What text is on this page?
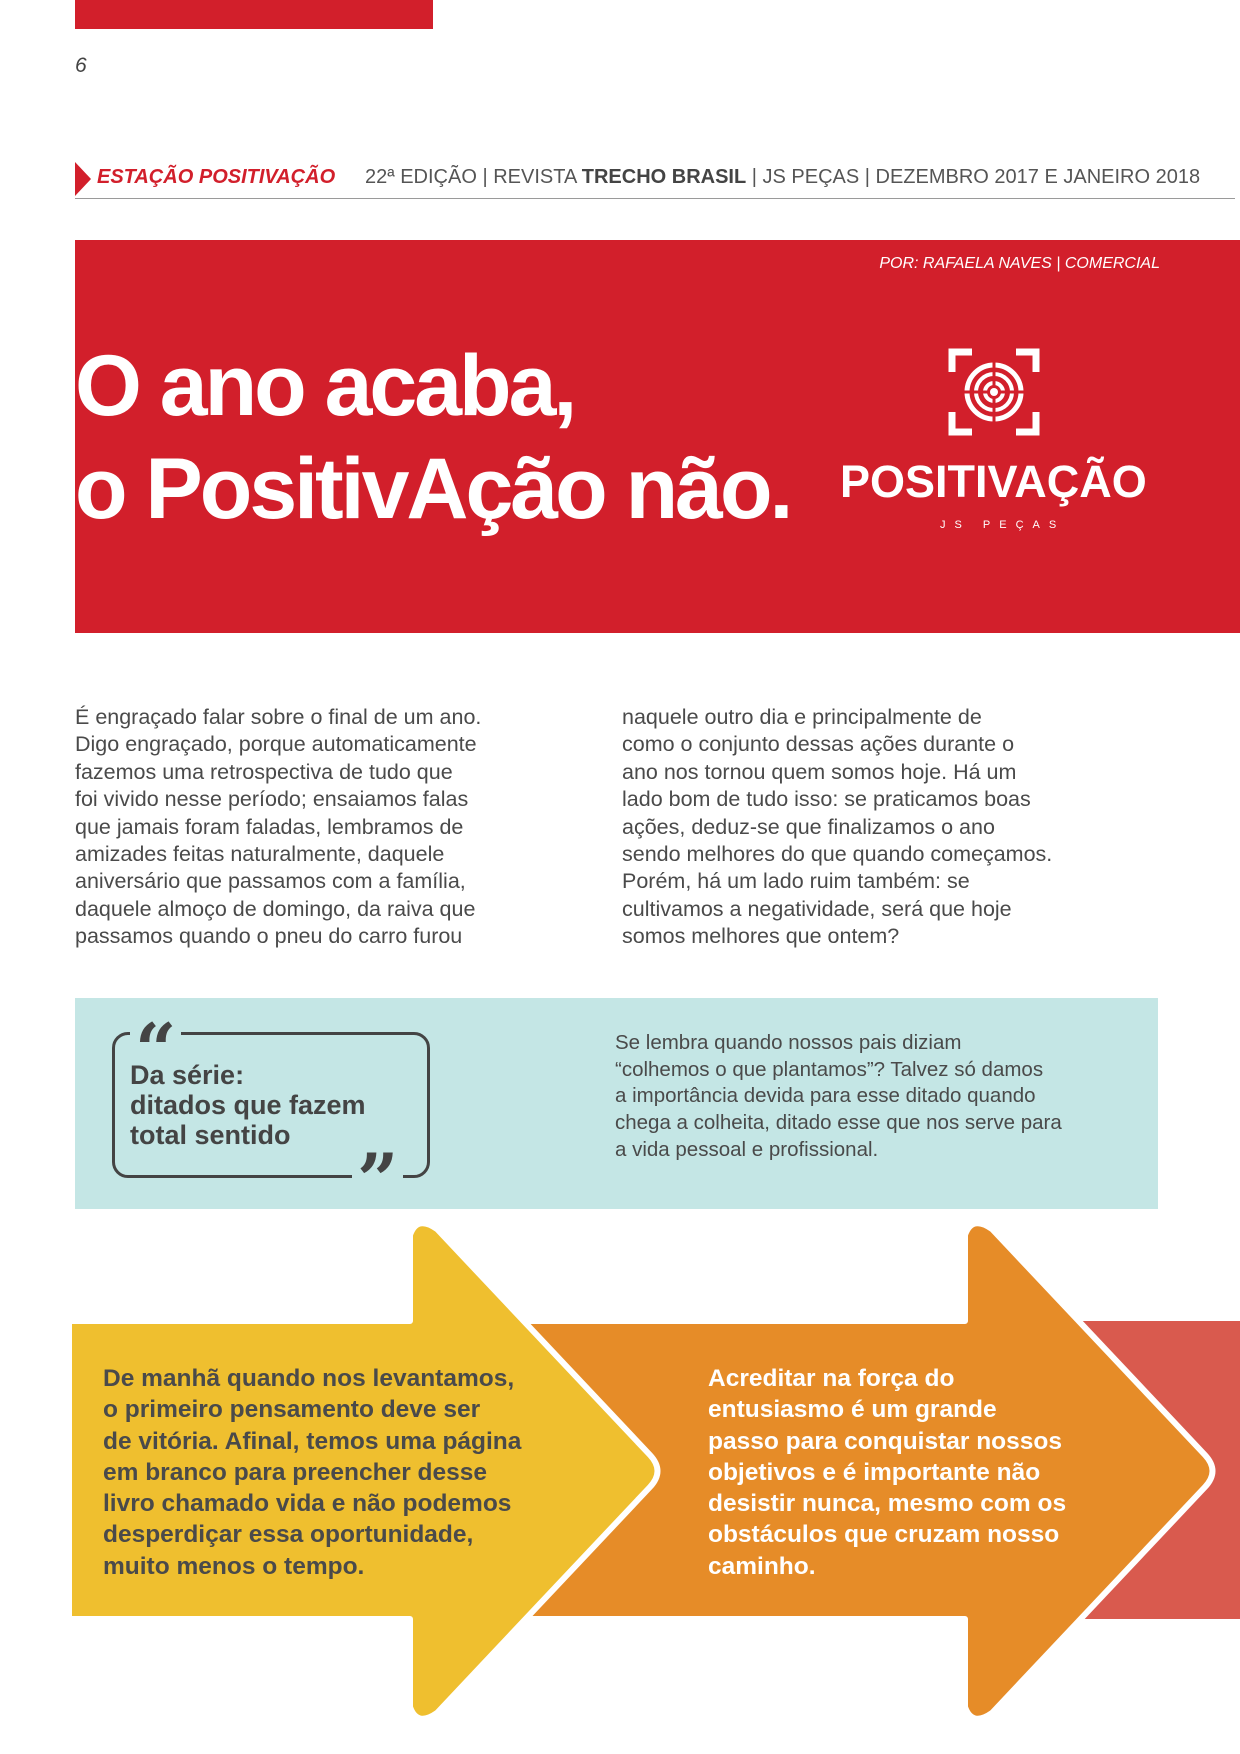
6
ESTAÇÃO POSITIVAÇÃO 22ª EDIÇÃO | REVISTA TRECHO BRASIL | JS PEÇAS | DEZEMBRO 2017 E JANEIRO 2018
POR: RAFAELA NAVES | COMERCIAL
O ano acaba,
o PositivAção não. POSITIVAÇÃO
JS PEÇAS
É engraçado falar sobre o final de um ano.
Digo engraçado, porque automaticamente
fazemos uma retrospectiva de tudo que
foi vivido nesse período; ensaiamos falas
que jamais foram faladas, lembramos de
amizades feitas naturalmente, daquele
aniversário que passamos com a família,
daquele almoço de domingo, da raiva que
passamos quando o pneu do carro furou
naquele outro dia e principalmente de
como o conjunto dessas ações durante o
ano nos tornou quem somos hoje. Há um
lado bom de tudo isso: se praticamos boas
ações, deduz-se que finalizamos o ano
sendo melhores do que quando começamos.
Porém, há um lado ruim também: se
cultivamos a negatividade, será que hoje
somos melhores que ontem?
Da série:
ditados que fazem
total sentido
Se lembra quando nossos pais diziam
“colhemos o que plantamos”? Talvez só damos
a importância devida para esse ditado quando
chega a colheita, ditado esse que nos serve para
a vida pessoal e profissional.
De manhã quando nos levantamos,
o primeiro pensamento deve ser
de vitória. Afinal, temos uma página
em branco para preencher desse
livro chamado vida e não podemos
desperdiçar essa oportunidade,
muito menos o tempo.
Acreditar na força do
entusiasmo é um grande
passo para conquistar nossos
objetivos e é importante não
desistir nunca, mesmo com os
obstáculos que cruzam nosso
caminho.
